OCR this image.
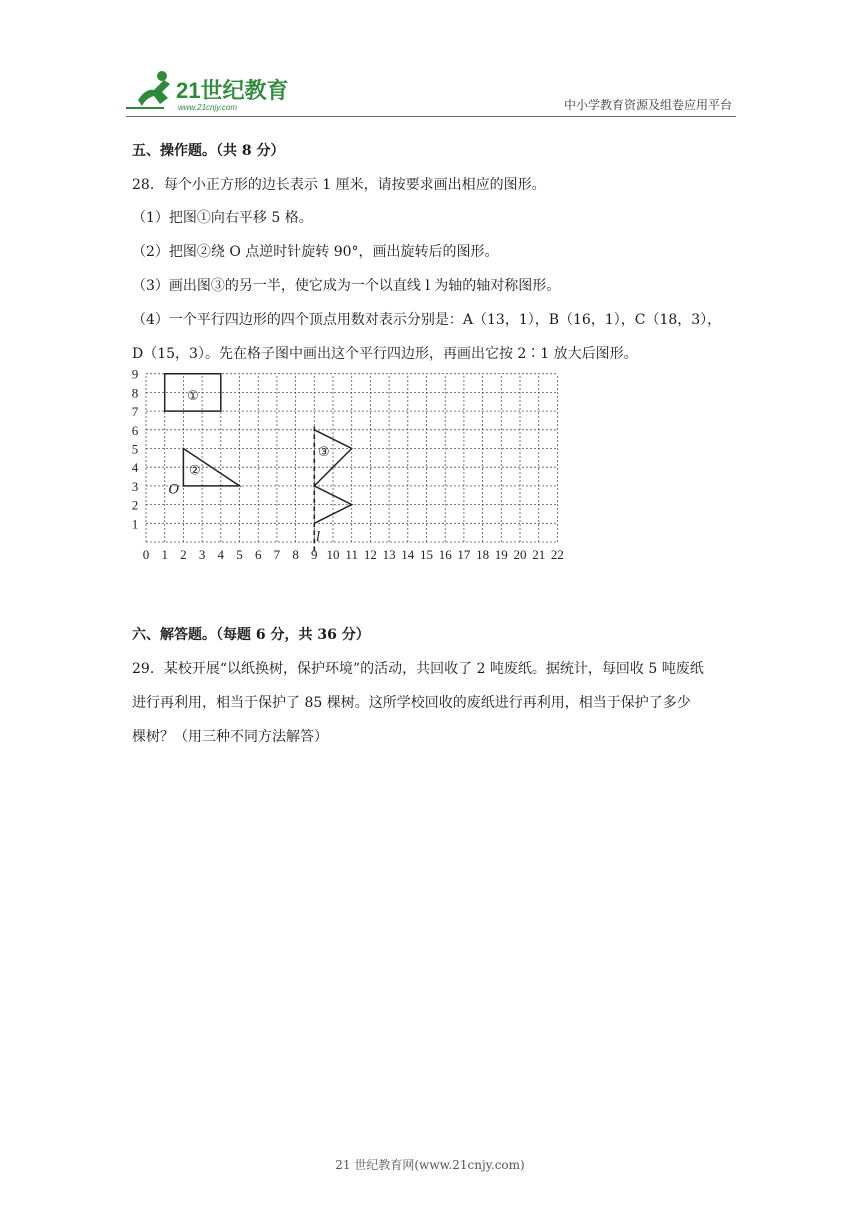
21世纪教育
www.21cnjy.com	中小学教育资源及组卷应用平台
五、操作题。（共 8 分）
28．每个小正方形的边长表示 1 厘米，请按要求画出相应的图形。
（1）把图①向右平移 5 格。
（2）把图②绕 O 点逆时针旋转 90°，画出旋转后的图形。
（3）画出图③的另一半，使它成为一个以直线 l 为轴的轴对称图形。
（4）一个平行四边形的四个顶点用数对表示分别是：A（13，1），B（16，1），C（18，3），
D（15，3）。先在格子图中画出这个平行四边形，再画出它按 2∶1 放大后图形。
0 1 2 3 4 5 6 7 8 9 10 11 12 13 14 15 16 17 18 19 20 21 22
1
2
3
4
5
6
7
8
9
①
②
③
O
l
六、解答题。（每题 6 分，共 36 分）
29．某校开展“以纸换树，保护环境”的活动，共回收了 2 吨废纸。据统计，每回收 5 吨废纸
进行再利用，相当于保护了 85 棵树。这所学校回收的废纸进行再利用，相当于保护了多少
棵树？（用三种不同方法解答）
21 世纪教育网(www.21cnjy.com)
